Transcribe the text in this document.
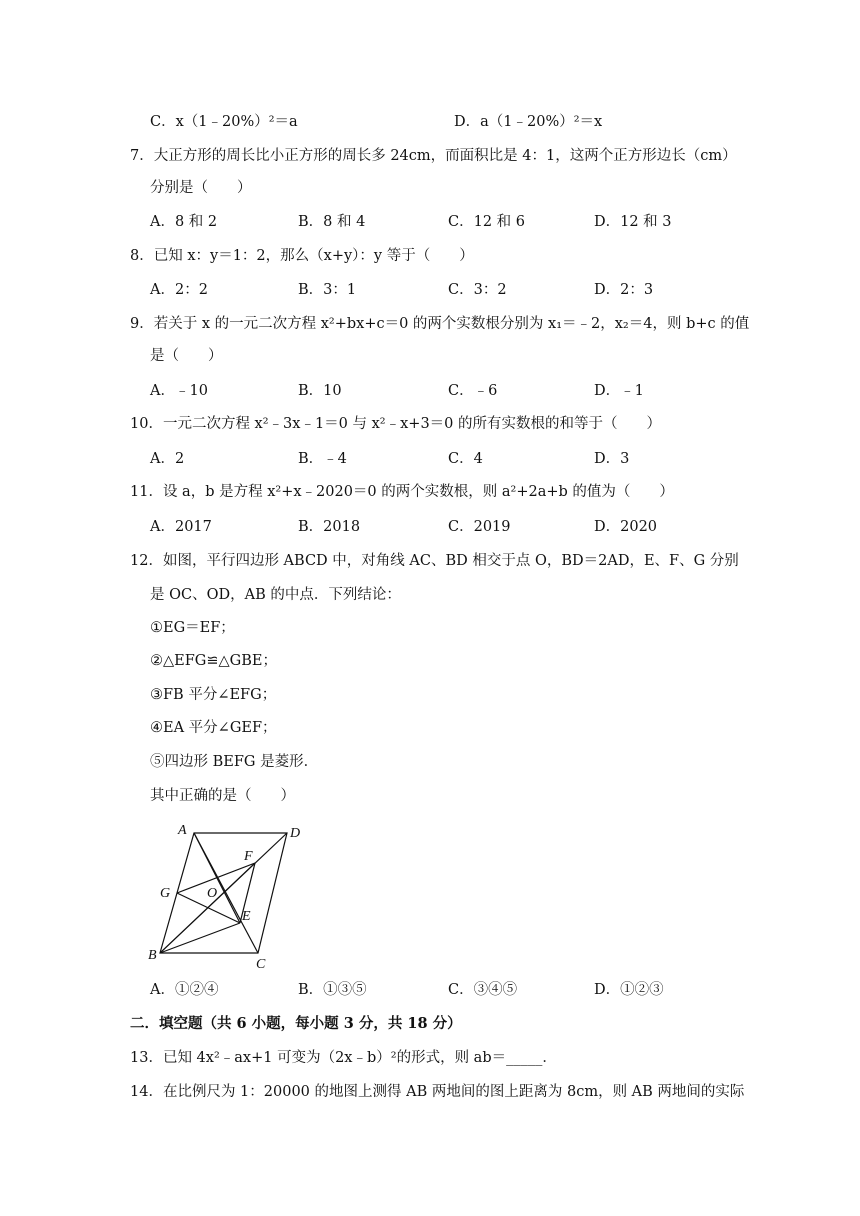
C．x（1﹣20%）²＝a	D．a（1﹣20%）²＝x
7．大正方形的周长比小正方形的周长多 24cm，而面积比是 4：1，这两个正方形边长（cm）
分别是（　　）
A．8 和 2	B．8 和 4	C．12 和 6	D．12 和 3
8．已知 x：y＝1：2，那么（x+y）：y 等于（　　）
A．2：2	B．3：1	C．3：2	D．2：3
9．若关于 x 的一元二次方程 x²+bx+c＝0 的两个实数根分别为 x₁＝﹣2，x₂＝4，则 b+c 的值
是（　　）
A．﹣10	B．10	C．﹣6	D．﹣1
10．一元二次方程 x²﹣3x﹣1＝0 与 x²﹣x+3＝0 的所有实数根的和等于（　　）
A．2	B．﹣4	C．4	D．3
11．设 a，b 是方程 x²+x﹣2020＝0 的两个实数根，则 a²+2a+b 的值为（　　）
A．2017	B．2018	C．2019	D．2020
12．如图，平行四边形 ABCD 中，对角线 AC、BD 相交于点 O，BD＝2AD，E、F、G 分别
是 OC、OD，AB 的中点．下列结论：
①EG＝EF；
②△EFG≌△GBE；
③FB 平分∠EFG；
④EA 平分∠GEF；
⑤四边形 BEFG 是菱形．
其中正确的是（　　）
A	D
F
G	O
E
B
C
A．①②④	B．①③⑤	C．③④⑤	D．①②③
二．填空题（共 6 小题，每小题 3 分，共 18 分）
13．已知 4x²﹣ax+1 可变为（2x﹣b）²的形式，则 ab＝_____．
14．在比例尺为 1：20000 的地图上测得 AB 两地间的图上距离为 8cm，则 AB 两地间的实际
